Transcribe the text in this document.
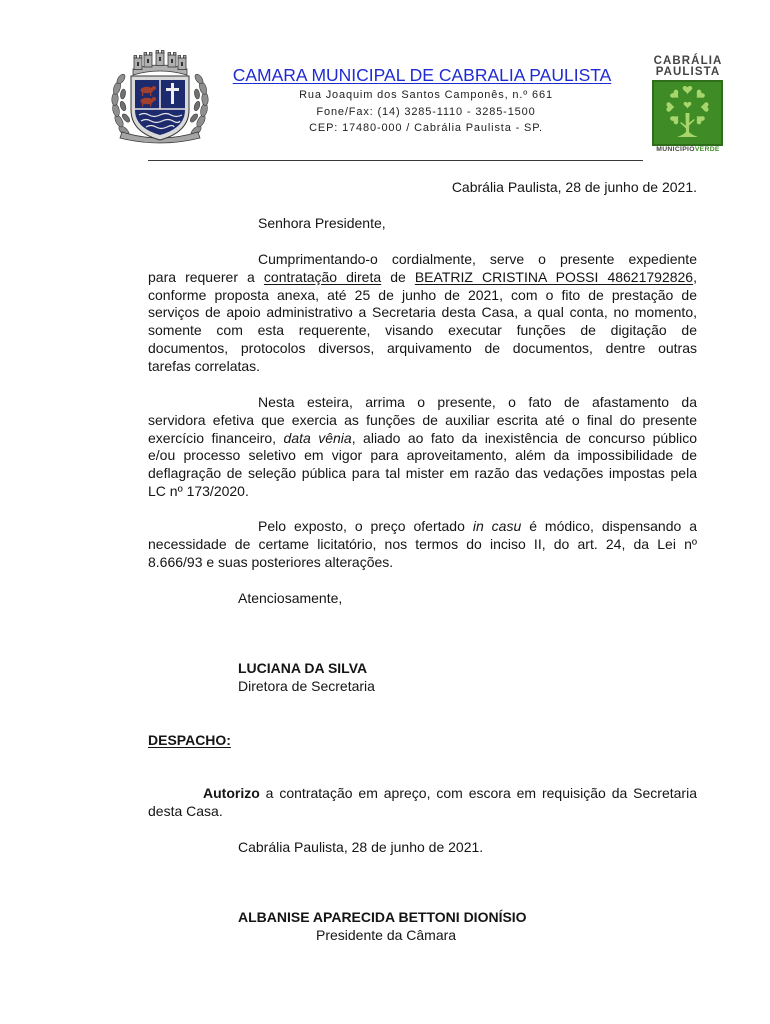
CAMARA MUNICIPAL DE CABRALIA PAULISTA
Rua Joaquim dos Santos Camponês, n.º 661
Fone/Fax: (14) 3285-1110 - 3285-1500
CEP: 17480-000 / Cabrália Paulista - SP.
CABRÁLIA
PAULISTA
MUNICÍPIOVERDE
Cabrália Paulista, 28 de junho de 2021.
Senhora Presidente,
Cumprimentando-o cordialmente, serve o presente expediente
para requerer a contratação direta de BEATRIZ CRISTINA POSSI 48621792826,
conforme proposta anexa, até 25 de junho de 2021, com o fito de prestação de
serviços de apoio administrativo a Secretaria desta Casa, a qual conta, no momento,
somente com esta requerente, visando executar funções de digitação de
documentos, protocolos diversos, arquivamento de documentos, dentre outras
tarefas correlatas.
Nesta esteira, arrima o presente, o fato de afastamento da
servidora efetiva que exercia as funções de auxiliar escrita até o final do presente
exercício financeiro, data vênia, aliado ao fato da inexistência de concurso público
e/ou processo seletivo em vigor para aproveitamento, além da impossibilidade de
deflagração de seleção pública para tal mister em razão das vedações impostas pela
LC nº 173/2020.
Pelo exposto, o preço ofertado in casu é módico, dispensando a
necessidade de certame licitatório, nos termos do inciso II, do art. 24, da Lei nº
8.666/93 e suas posteriores alterações.
Atenciosamente,
LUCIANA DA SILVA
Diretora de Secretaria
DESPACHO:
Autorizo a contratação em apreço, com escora em requisição da Secretaria
desta Casa.
Cabrália Paulista, 28 de junho de 2021.
ALBANISE APARECIDA BETTONI DIONÍSIO
Presidente da Câmara
